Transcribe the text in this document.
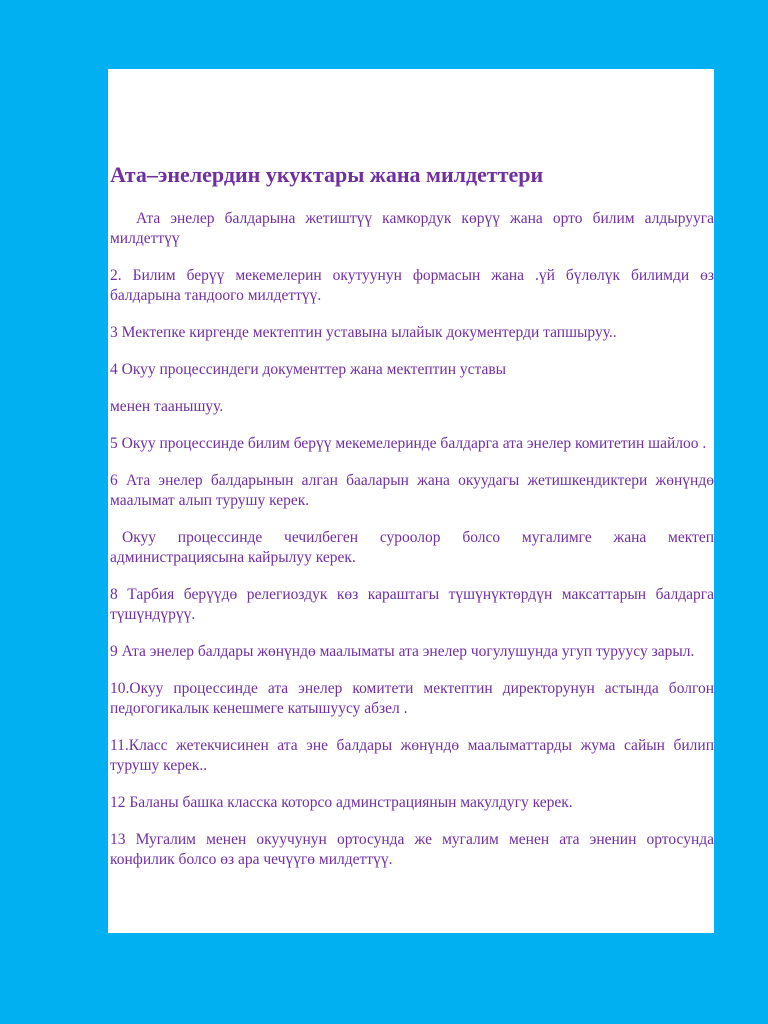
Ата–энелердин укуктары жана милдеттери

Ата энелер балдарына жетиштүү камкордук көрүү жана орто билим алдырууга милдеттүү

2. Билим берүү мекемелерин окутуунун формасын жана .үй бүлөлүк билимди өз балдарына тандоого милдеттүү.

3 Мектепке киргенде мектептин уставына ылайык документерди тапшыруу..

4 Окуу процессиндеги документтер жана мектептин уставы

менен таанышуу.

5 Окуу процессинде билим берүү мекемелеринде балдарга ата энелер комитетин шайлоо .

6 Ата энелер балдарынын алган бааларын жана окуудагы жетишкендиктери жөнүндө маалымат алып турушу керек.

Окуу процессинде чечилбеген суроолор болсо мугалимге жана мектеп администрациясына кайрылуу керек.

8 Тарбия берүүдө релегиоздук көз караштагы түшүнүктөрдүн максаттарын балдарга түшүндүрүү.

9 Ата энелер балдары жөнүндө маалыматы ата энелер чогулушунда угуп туруусу зарыл.

10.Окуу процессинде ата энелер комитети мектептин директорунун астында болгон педогогикалык кенешмеге катышуусу абзел .

11.Класс жетекчисинен ата эне балдары жөнүндө маалыматтарды жума сайын билип турушу керек..

12 Баланы башка класска которсо админстрациянын макулдугу керек.

13 Мугалим менен окуучунун ортосунда же мугалим менен ата эненин ортосунда конфилик болсо өз ара чечүүгө милдеттүү.
